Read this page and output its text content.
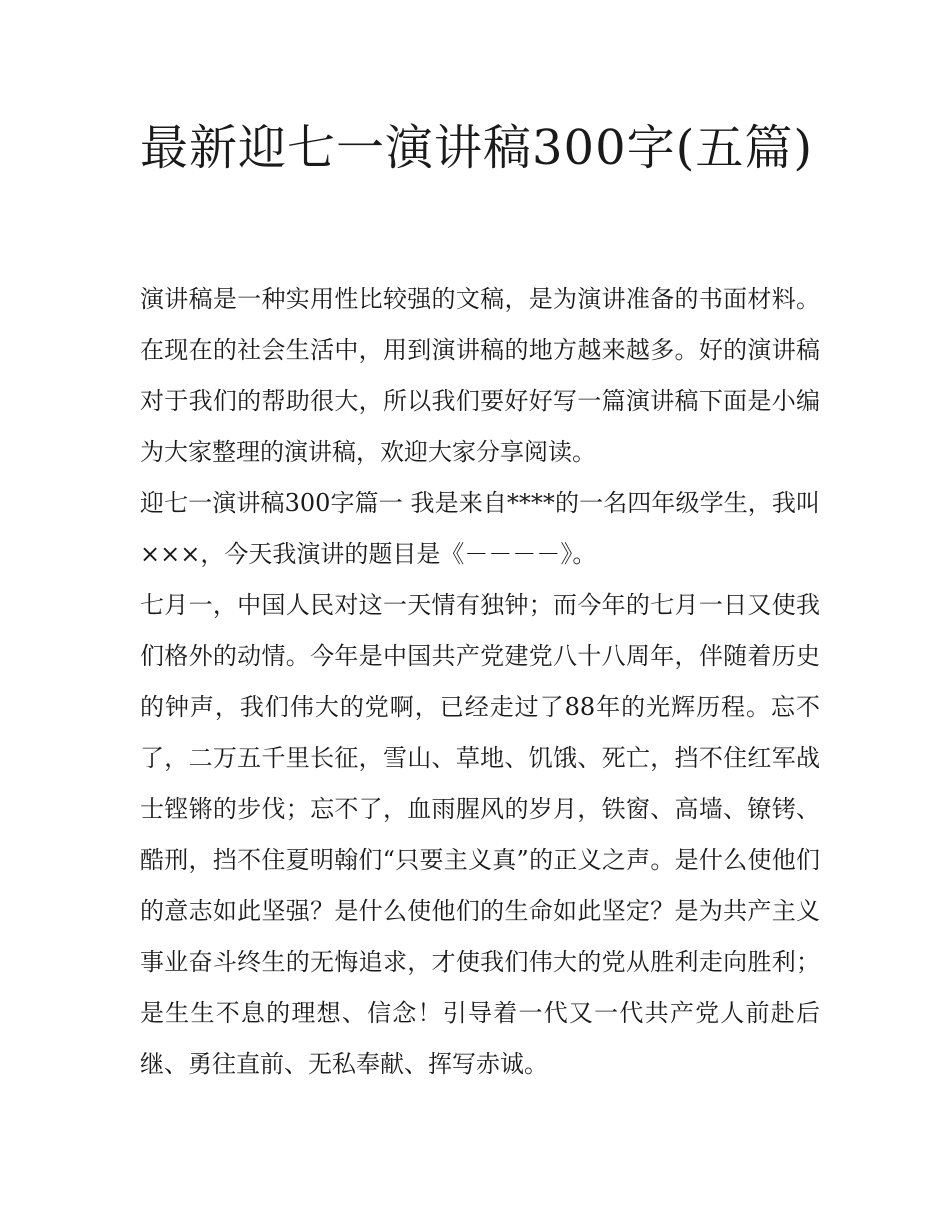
最新迎七一演讲稿300字(五篇)

演讲稿是一种实用性比较强的文稿，是为演讲准备的书面材料。在现在的社会生活中，用到演讲稿的地方越来越多。好的演讲稿对于我们的帮助很大，所以我们要好好写一篇演讲稿下面是小编为大家整理的演讲稿，欢迎大家分享阅读。

迎七一演讲稿300字篇一 我是来自****的一名四年级学生，我叫×××，今天我演讲的题目是《－－－－》。

七月一，中国人民对这一天情有独钟；而今年的七月一日又使我们格外的动情。今年是中国共产党建党八十八周年，伴随着历史的钟声，我们伟大的党啊，已经走过了88年的光辉历程。忘不了，二万五千里长征，雪山、草地、饥饿、死亡，挡不住红军战士铿锵的步伐；忘不了，血雨腥风的岁月，铁窗、高墙、镣铐、酷刑，挡不住夏明翰们“只要主义真”的正义之声。是什么使他们的意志如此坚强？是什么使他们的生命如此坚定？是为共产主义事业奋斗终生的无悔追求，才使我们伟大的党从胜利走向胜利；是生生不息的理想、信念！引导着一代又一代共产党人前赴后继、勇往直前、无私奉献、挥写赤诚。
